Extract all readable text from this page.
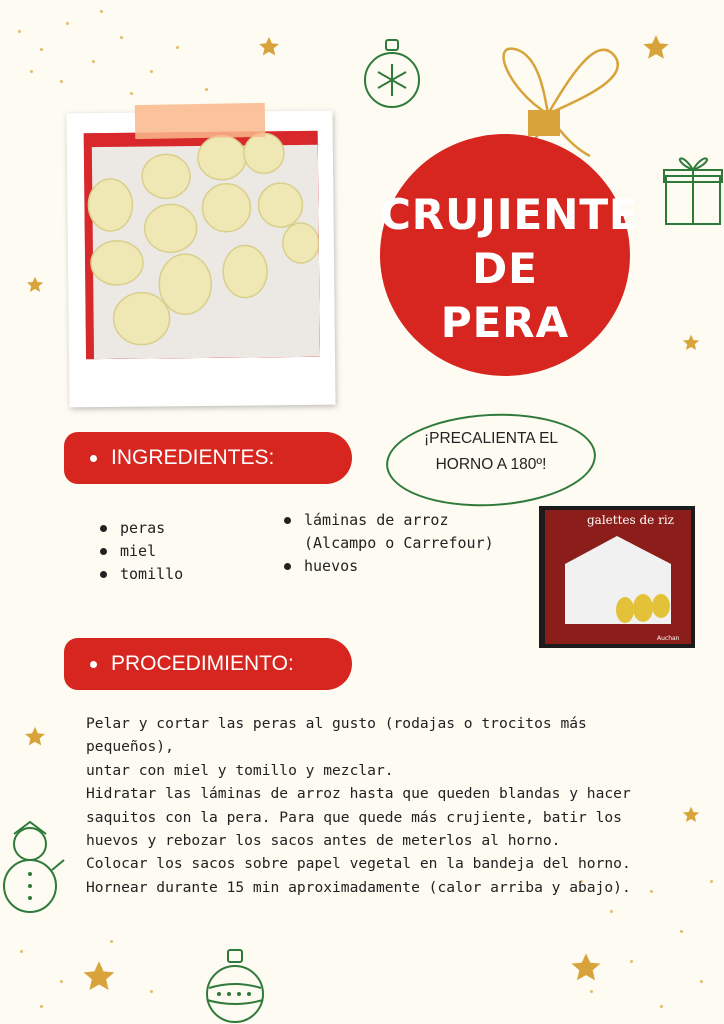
CRUJIENTE
DE
PERA
INGREDIENTES:
¡PRECALIENTA EL
HORNO A 180º!
peras
miel
tomillo
láminas de arroz
(Alcampo o Carrefour)
huevos
galettes de riz
Auchan
PROCEDIMIENTO:

Pelar y cortar las peras al gusto (rodajas o trocitos más pequeños),

untar con miel y tomillo y mezclar.

Hidratar las láminas de arroz hasta que queden blandas y hacer

saquitos con la pera. Para que quede más crujiente, batir los

huevos y rebozar los sacos antes de meterlos al horno.

Colocar los sacos sobre papel vegetal en la bandeja del horno.

Hornear durante 15 min aproximadamente (calor arriba y abajo).
